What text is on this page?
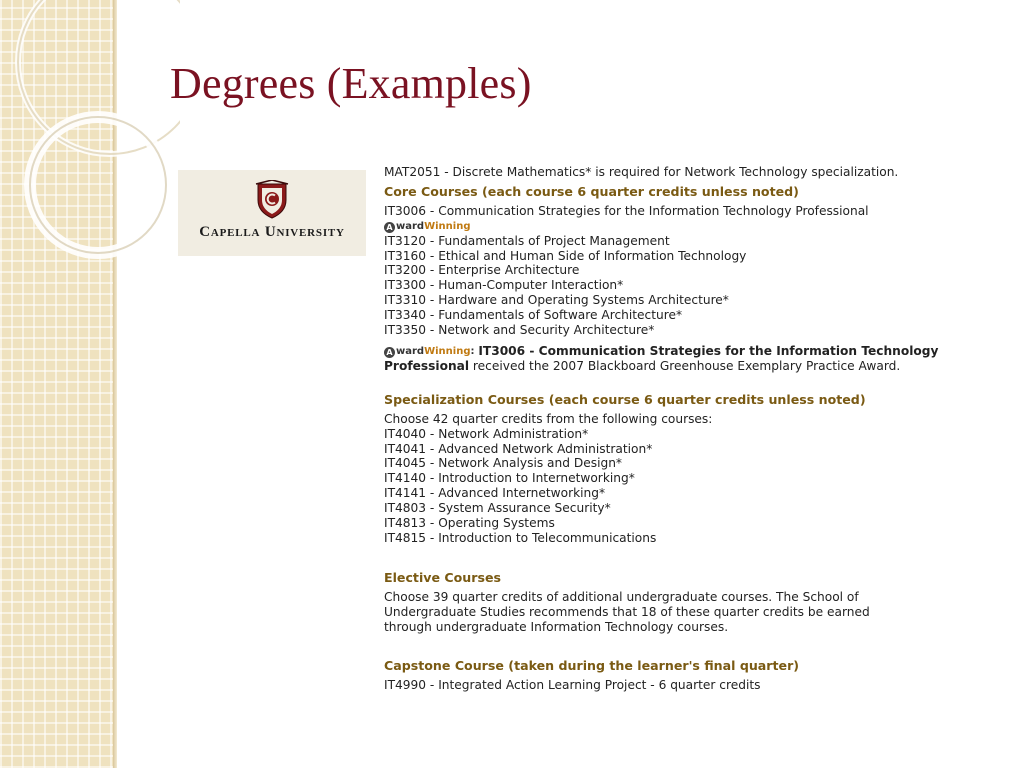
Degrees (Examples)
Capella University
MAT2051 - Discrete Mathematics* is required for Network Technology specialization.
Core Courses (each course 6 quarter credits unless noted)
IT3006 - Communication Strategies for the Information Technology Professional
A ward Winning
IT3120 - Fundamentals of Project Management
IT3160 - Ethical and Human Side of Information Technology
IT3200 - Enterprise Architecture
IT3300 - Human-Computer Interaction*
IT3310 - Hardware and Operating Systems Architecture*
IT3340 - Fundamentals of Software Architecture*
IT3350 - Network and Security Architecture*
A ward Winning : IT3006 - Communication Strategies for the Information Technology Professional received the 2007 Blackboard Greenhouse Exemplary Practice Award.
Specialization Courses (each course 6 quarter credits unless noted)
Choose 42 quarter credits from the following courses:
IT4040 - Network Administration*
IT4041 - Advanced Network Administration*
IT4045 - Network Analysis and Design*
IT4140 - Introduction to Internetworking*
IT4141 - Advanced Internetworking*
IT4803 - System Assurance Security*
IT4813 - Operating Systems
IT4815 - Introduction to Telecommunications
Elective Courses
Choose 39 quarter credits of additional undergraduate courses. The School of Undergraduate Studies recommends that 18 of these quarter credits be earned through undergraduate Information Technology courses.
Capstone Course (taken during the learner's final quarter)
IT4990 - Integrated Action Learning Project - 6 quarter credits
